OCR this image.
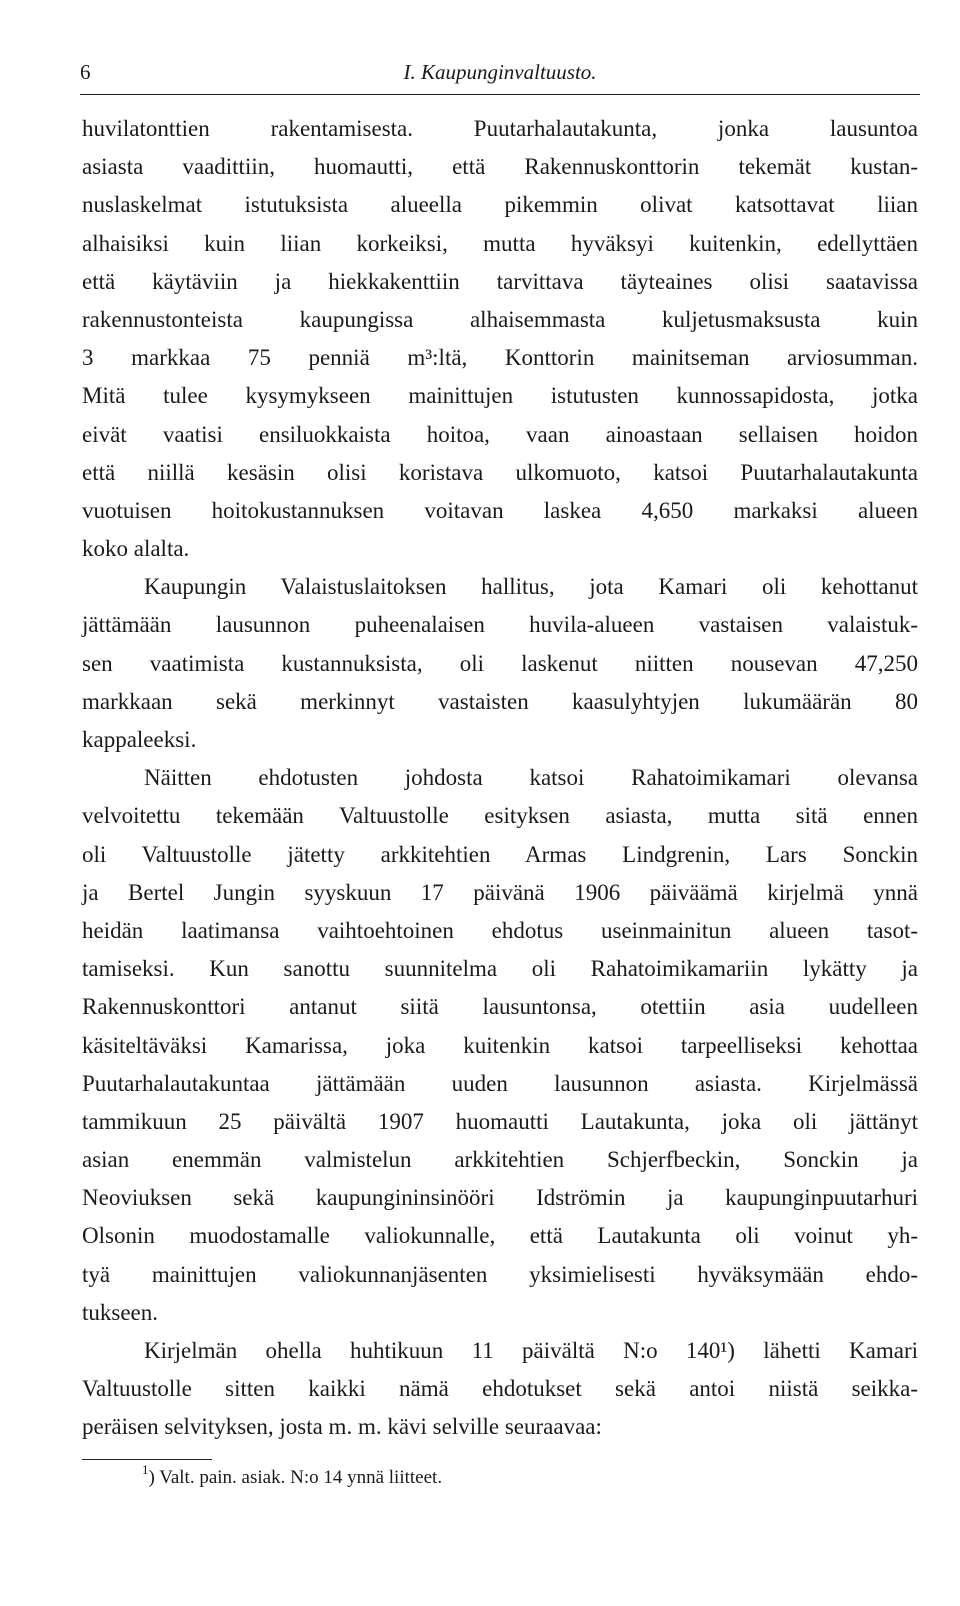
6	I. Kaupunginvaltuusto.
huvilatonttien rakentamisesta. Puutarhalautakunta, jonka lausuntoa
asiasta vaadittiin, huomautti, että Rakennuskonttorin tekemät kustan-
nuslaskelmat istutuksista alueella pikemmin olivat katsottavat liian
alhaisiksi kuin liian korkeiksi, mutta hyväksyi kuitenkin, edellyttäen
että käytäviin ja hiekkakenttiin tarvittava täyteaines olisi saatavissa
rakennustonteista kaupungissa alhaisemmasta kuljetusmaksusta kuin
3 markkaa 75 penniä m³:ltä, Konttorin mainitseman arviosumman.
Mitä tulee kysymykseen mainittujen istutusten kunnossapidosta, jotka
eivät vaatisi ensiluokkaista hoitoa, vaan ainoastaan sellaisen hoidon
että niillä kesäsin olisi koristava ulkomuoto, katsoi Puutarhalautakunta
vuotuisen hoitokustannuksen voitavan laskea 4,650 markaksi alueen
koko alalta.
Kaupungin Valaistuslaitoksen hallitus, jota Kamari oli kehottanut
jättämään lausunnon puheenalaisen huvila-alueen vastaisen valaistuk-
sen vaatimista kustannuksista, oli laskenut niitten nousevan 47,250
markkaan sekä merkinnyt vastaisten kaasulyhtyjen lukumäärän 80
kappaleeksi.
Näitten ehdotusten johdosta katsoi Rahatoimikamari olevansa
velvoitettu tekemään Valtuustolle esityksen asiasta, mutta sitä ennen
oli Valtuustolle jätetty arkkitehtien Armas Lindgrenin, Lars Sonckin
ja Bertel Jungin syyskuun 17 päivänä 1906 päiväämä kirjelmä ynnä
heidän laatimansa vaihtoehtoinen ehdotus useinmainitun alueen tasot-
tamiseksi. Kun sanottu suunnitelma oli Rahatoimikamariin lykätty ja
Rakennuskonttori antanut siitä lausuntonsa, otettiin asia uudelleen
käsiteltäväksi Kamarissa, joka kuitenkin katsoi tarpeelliseksi kehottaa
Puutarhalautakuntaa jättämään uuden lausunnon asiasta. Kirjelmässä
tammikuun 25 päivältä 1907 huomautti Lautakunta, joka oli jättänyt
asian enemmän valmistelun arkkitehtien Schjerfbeckin, Sonckin ja
Neoviuksen sekä kaupungininsinööri Idströmin ja kaupunginpuutarhuri
Olsonin muodostamalle valiokunnalle, että Lautakunta oli voinut yh-
tyä mainittujen valiokunnanjäsenten yksimielisesti hyväksymään ehdo-
tukseen.
Kirjelmän ohella huhtikuun 11 päivältä N:o 140¹) lähetti Kamari
Valtuustolle sitten kaikki nämä ehdotukset sekä antoi niistä seikka-
peräisen selvityksen, josta m. m. kävi selville seuraavaa:
$^1$) Valt. pain. asiak. N:o 14 ynnä liitteet.
